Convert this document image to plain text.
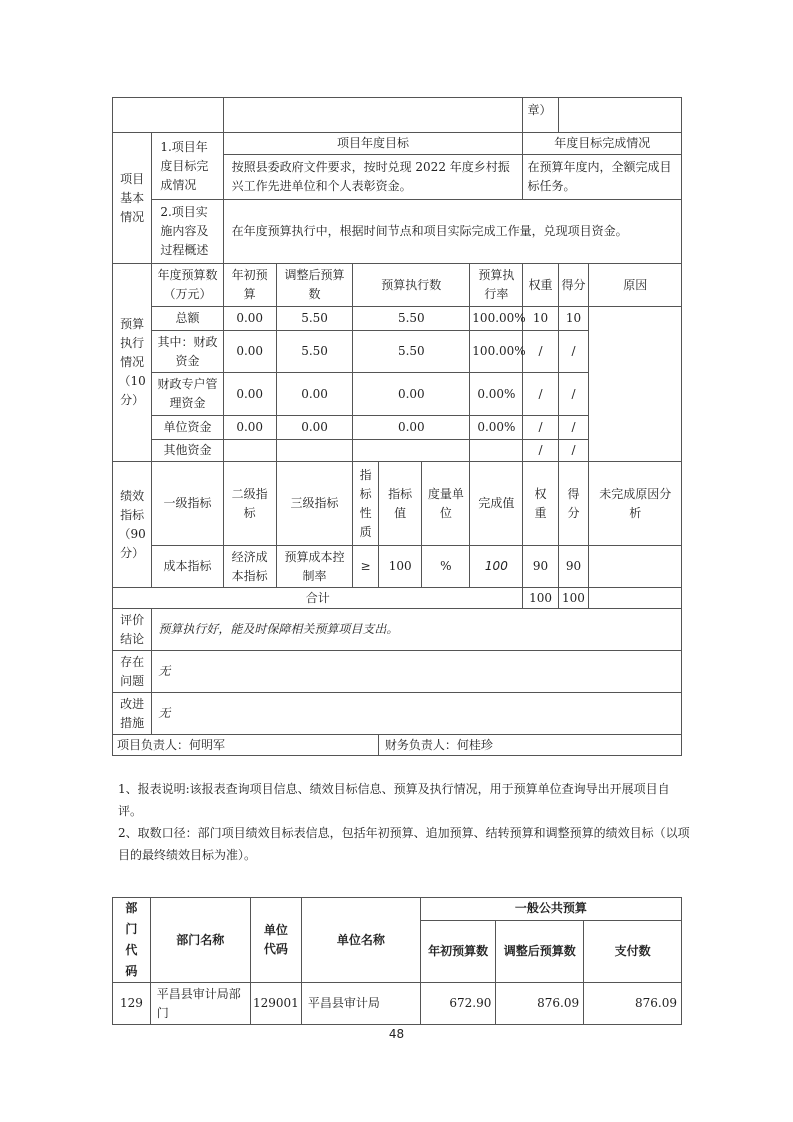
								章）		
项目基本情况	1.项目年度目标完成情况	项目年度目标						年度目标完成情况		
		按照县委政府文件要求，按时兑现 2022 年度乡村振兴工作先进单位和个人表彰资金。						在预算年度内，全额完成目标任务。		
	2.项目实施内容及过程概述	在年度预算执行中，根据时间节点和项目实际完成工作量，兑现项目资金。								
预算执行情况（10分）	年度预算数（万元）	年初预算	调整后预算数	预算执行数			预算执行率	权重	得分	原因
	总额	0.00	5.50	5.50			100.00%	10	10	
	其中：财政资金	0.00	5.50	5.50			100.00%	/	/	
	财政专户管理资金	0.00	0.00	0.00			0.00%	/	/	
	单位资金	0.00	0.00	0.00			0.00%	/	/	
	其他资金							/	/	
绩效指标（90分）	一级指标	二级指标	三级指标	指标性质	指标值	度量单位	完成值	权重	得分	未完成原因分析
	成本指标	经济成本指标	预算成本控制率	≥	100	%	100	90	90	
合计								100	100	
评价结论	预算执行好，能及时保障相关预算项目支出。									
存在问题	无									
改进措施	无									
项目负责人：何明军					财务负责人：何桂珍					
1、报表说明:该报表查询项目信息、绩效目标信息、预算及执行情况，用于预算单位查询导出开展项目自评。
2、取数口径：部门项目绩效目标表信息，包括年初预算、追加预算、结转预算和调整预算的绩效目标（以项目的最终绩效目标为准）。
部门代码	部门名称	单位代码	单位名称	一般公共预算		
				年初预算数	调整后预算数	支付数
129	平昌县审计局部门	129001	平昌县审计局	672.90	876.09	876.09
48
